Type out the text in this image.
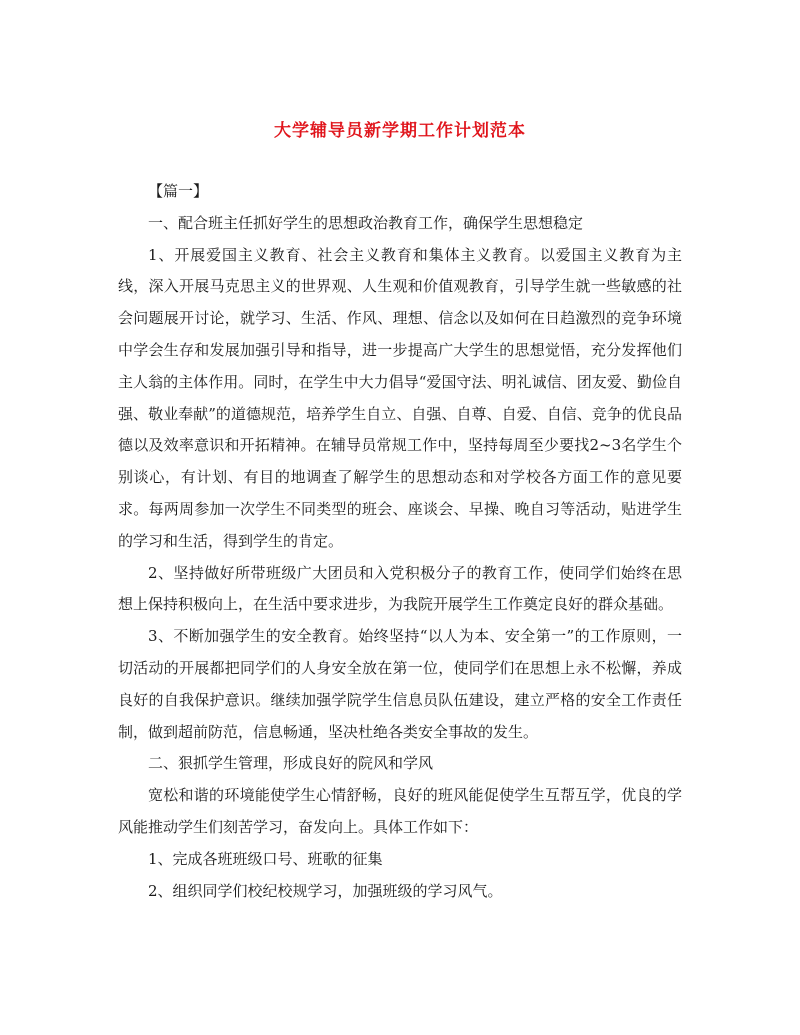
大学辅导员新学期工作计划范本

【篇一】

一、配合班主任抓好学生的思想政治教育工作，确保学生思想稳定

1、开展爱国主义教育、社会主义教育和集体主义教育。以爱国主义教育为主线，深入开展马克思主义的世界观、人生观和价值观教育，引导学生就一些敏感的社会问题展开讨论，就学习、生活、作风、理想、信念以及如何在日趋激烈的竞争环境中学会生存和发展加强引导和指导，进一步提高广大学生的思想觉悟，充分发挥他们主人翁的主体作用。同时，在学生中大力倡导“爱国守法、明礼诚信、团友爱、勤俭自强、敬业奉献”的道德规范，培养学生自立、自强、自尊、自爱、自信、竞争的优良品德以及效率意识和开拓精神。在辅导员常规工作中，坚持每周至少要找2~3名学生个别谈心，有计划、有目的地调查了解学生的思想动态和对学校各方面工作的意见要求。每两周参加一次学生不同类型的班会、座谈会、早操、晚自习等活动，贴进学生的学习和生活，得到学生的肯定。

2、坚持做好所带班级广大团员和入党积极分子的教育工作，使同学们始终在思想上保持积极向上，在生活中要求进步，为我院开展学生工作奠定良好的群众基础。

3、不断加强学生的安全教育。始终坚持“以人为本、安全第一”的工作原则，一切活动的开展都把同学们的人身安全放在第一位，使同学们在思想上永不松懈，养成良好的自我保护意识。继续加强学院学生信息员队伍建设，建立严格的安全工作责任制，做到超前防范，信息畅通，坚决杜绝各类安全事故的发生。

二、狠抓学生管理，形成良好的院风和学风

宽松和谐的环境能使学生心情舒畅，良好的班风能促使学生互帮互学，优良的学风能推动学生们刻苦学习，奋发向上。具体工作如下：

1、完成各班班级口号、班歌的征集

2、组织同学们校纪校规学习，加强班级的学习风气。
